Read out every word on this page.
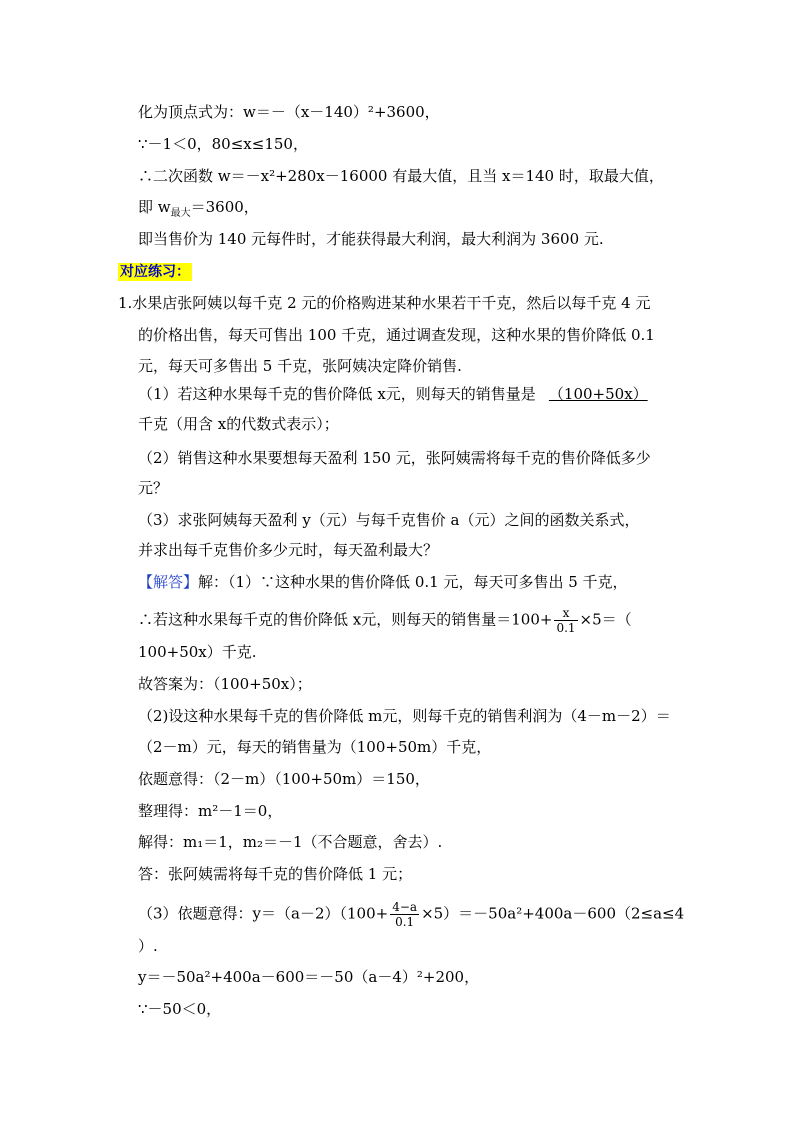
化为顶点式为：w＝－（x－140）²+3600，
∵－1＜0，80≤x≤150，
∴二次函数 w＝－x²+280x－16000 有最大值，且当 x＝140 时，取最大值，
即 $w_{最大}=3600$，
即当售价为 140 元每件时，才能获得最大利润，最大利润为 3600 元.
对应练习：
1.水果店张阿姨以每千克 2 元的价格购进某种水果若干千克，然后以每千克 4 元
的价格出售，每天可售出 100 千克，通过调查发现，这种水果的售价降低 0.1
元，每天可多售出 5 千克，张阿姨决定降价销售.
（1）若这种水果每千克的售价降低 x元，则每天的销售量是 （100+50x）
千克（用含 x的代数式表示）；
（2）销售这种水果要想每天盈利 150 元，张阿姨需将每千克的售价降低多少
元？
（3）求张阿姨每天盈利 y（元）与每千克售价 a（元）之间的函数关系式，
并求出每千克售价多少元时，每天盈利最大？
【解答】解：（1）∵这种水果的售价降低 0.1 元，每天可多售出 5 千克，
∴若这种水果每千克的售价降低 x元，则每天的销售量$=100+ \frac{x}{0.1} \times 5=$（
100+50x）千克.
故答案为：（100+50x）；
（2)设这种水果每千克的售价降低 m元，则每千克的销售利润为（4－m－2）＝
（2－m）元，每天的销售量为（100+50m）千克，
依题意得：（2－m）（100+50m）＝150，
整理得：m²－1＝0，
解得：m₁＝1，m₂＝－1（不合题意，舍去）.
答：张阿姨需将每千克的售价降低 1 元；
（3）依题意得：$y=(a-2)(100+ \frac{4-a}{0.1} \times 5)=-50a^2+400a-600(2\le a\le 4$
）.
y＝－50a²+400a－600＝－50（a－4）²+200，
∵－50＜0，
